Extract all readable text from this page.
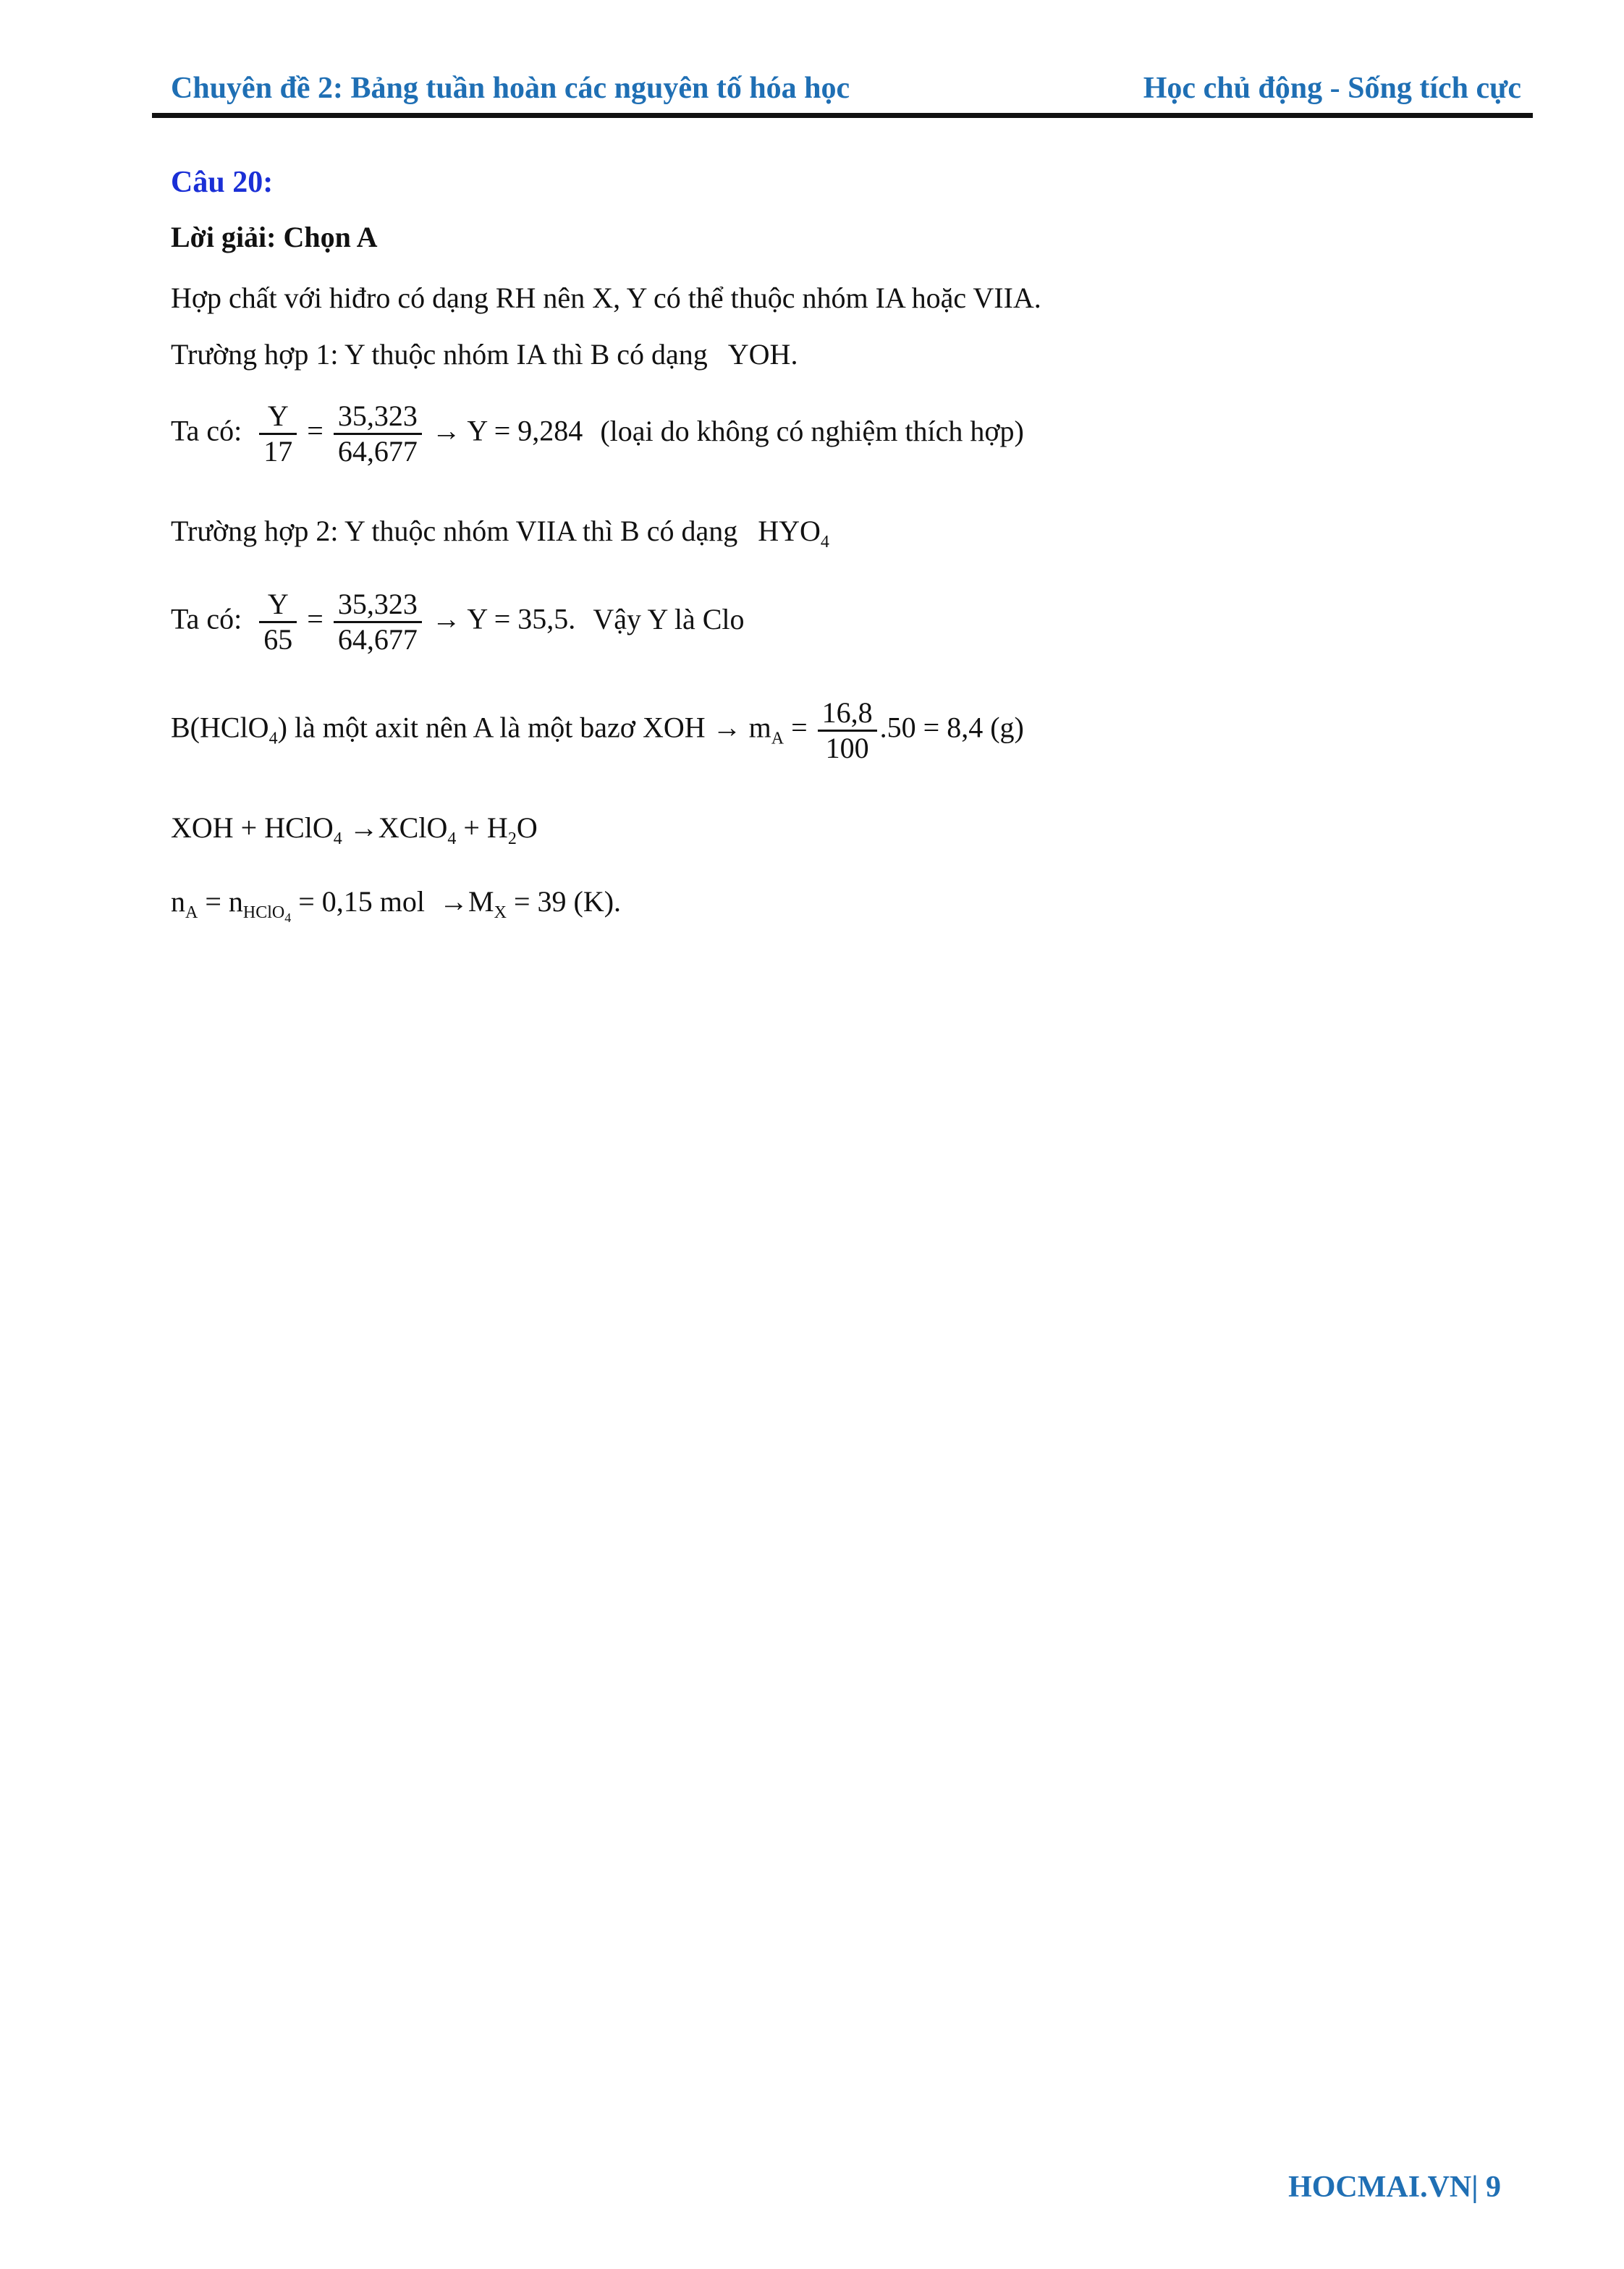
Chuyên đề 2: Bảng tuần hoàn các nguyên tố hóa học	Học chủ động - Sống tích cực
Câu 20:
Lời giải: Chọn A
Hợp chất với hiđro có dạng RH nên X, Y có thể thuộc nhóm IA hoặc VIIA.
Trường hợp 1: Y thuộc nhóm IA thì B có dạng YOH.
Ta có: $\frac{Y}{17} = \frac{35,323}{64,677} \to Y = 9,284$ (loại do không có nghiệm thích hợp)
Trường hợp 2: Y thuộc nhóm VIIA thì B có dạng $HYO_4$
Ta có: $\frac{Y}{65} = \frac{35,323}{64,677} \to Y = 35,5$. Vậy Y là Clo
B(HClO$_4$) là một axit nên A là một bazơ XOH → $m_A = \frac{16,8}{100} .50 = 8,4$ (g)
XOH + HClO$_4$ →XClO$_4$ + $H_2O$
$n_A = n_{HClO_4} = 0,15$ mol $\to M_X = 39$ (K).
HOCMAI.VN| 9
